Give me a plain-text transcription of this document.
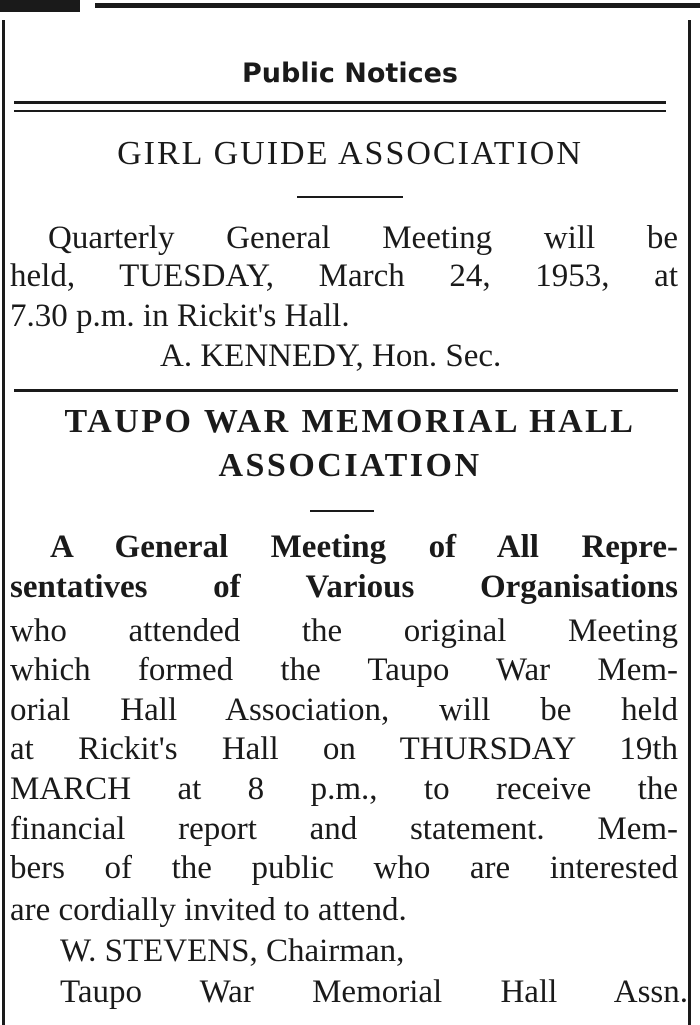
Public Notices
GIRL GUIDE ASSOCIATION

Quarterly General Meeting will be

held, TUESDAY, March 24, 1953, at

7.30 p.m. in Rickit's Hall.

A. KENNEDY, Hon. Sec.

TAUPO WAR MEMORIAL HALL
ASSOCIATION

A General Meeting of All Repre-

sentatives of Various Organisations

who attended the original Meeting

which formed the Taupo War Mem-

orial Hall Association, will be held

at Rickit's Hall on THURSDAY 19th

MARCH at 8 p.m., to receive the

financial report and statement. Mem-

bers of the public who are interested

are cordially invited to attend.

W. STEVENS, Chairman,

Taupo War Memorial Hall Assn.
